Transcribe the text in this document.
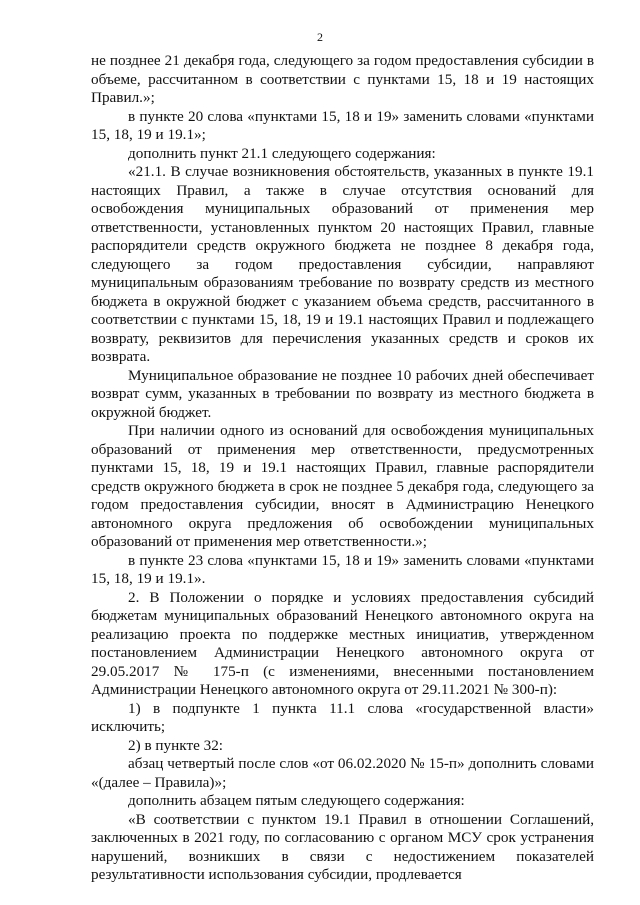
2

не позднее 21 декабря года, следующего за годом предоставления субсидии в объеме, рассчитанном в соответствии с пунктами 15, 18 и 19 настоящих Правил.»;

в пункте 20 слова «пунктами 15, 18 и 19» заменить словами «пунктами 15, 18, 19 и 19.1»;

дополнить пункт 21.1 следующего содержания:

«21.1. В случае возникновения обстоятельств, указанных в пункте 19.1 настоящих Правил, а также в случае отсутствия оснований для освобождения муниципальных образований от применения мер ответственности, установленных пунктом 20 настоящих Правил, главные распорядители средств окружного бюджета не позднее 8 декабря года, следующего за годом предоставления субсидии, направляют муниципальным образованиям требование по возврату средств из местного бюджета в окружной бюджет с указанием объема средств, рассчитанного в соответствии с пунктами 15, 18, 19 и 19.1 настоящих Правил и подлежащего возврату, реквизитов для перечисления указанных средств и сроков их возврата.

Муниципальное образование не позднее 10 рабочих дней обеспечивает возврат сумм, указанных в требовании по возврату из местного бюджета в окружной бюджет.

При наличии одного из оснований для освобождения муниципальных образований от применения мер ответственности, предусмотренных пунктами 15, 18, 19 и 19.1 настоящих Правил, главные распорядители средств окружного бюджета в срок не позднее 5 декабря года, следующего за годом предоставления субсидии, вносят в Администрацию Ненецкого автономного округа предложения об освобождении муниципальных образований от применения мер ответственности.»;

в пункте 23 слова «пунктами 15, 18 и 19» заменить словами «пунктами 15, 18, 19 и 19.1».

2. В Положении о порядке и условиях предоставления субсидий бюджетам муниципальных образований Ненецкого автономного округа на реализацию проекта по поддержке местных инициатив, утвержденном постановлением Администрации Ненецкого автономного округа от 29.05.2017 № 175-п (с изменениями, внесенными постановлением Администрации Ненецкого автономного округа от 29.11.2021 № 300-п):

1) в подпункте 1 пункта 11.1 слова «государственной власти» исключить;

2) в пункте 32:

абзац четвертый после слов «от 06.02.2020 № 15-п» дополнить словами «(далее – Правила)»;

дополнить абзацем пятым следующего содержания:

«В соответствии с пунктом 19.1 Правил в отношении Соглашений, заключенных в 2021 году, по согласованию с органом МСУ срок устранения нарушений, возникших в связи с недостижением показателей результативности использования субсидии, продлевается
